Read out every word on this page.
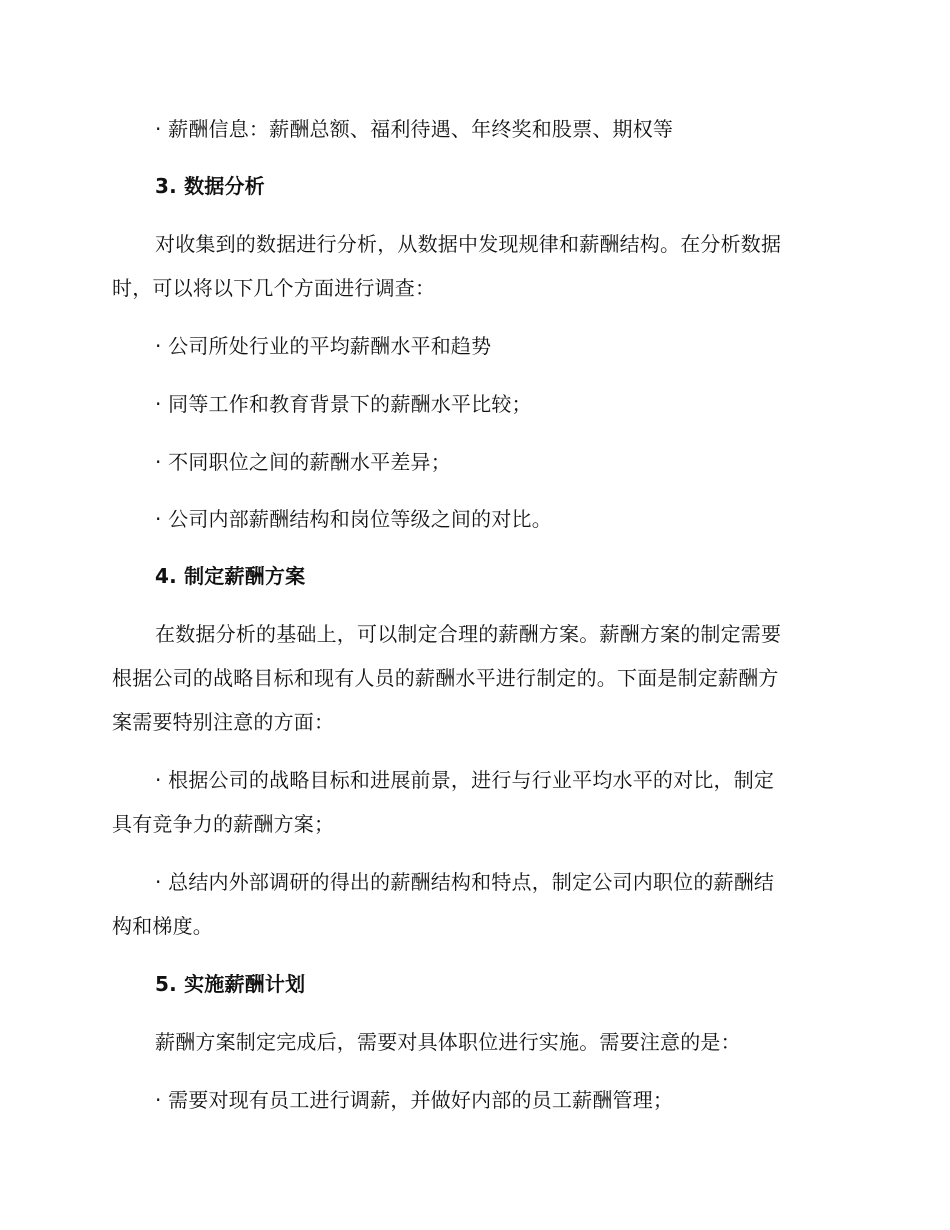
· 薪酬信息：薪酬总额、福利待遇、年终奖和股票、期权等
3. 数据分析
对收集到的数据进行分析，从数据中发现规律和薪酬结构。在分析数据
时，可以将以下几个方面进行调查：
· 公司所处行业的平均薪酬水平和趋势
· 同等工作和教育背景下的薪酬水平比较；
· 不同职位之间的薪酬水平差异；
· 公司内部薪酬结构和岗位等级之间的对比。
4. 制定薪酬方案
在数据分析的基础上，可以制定合理的薪酬方案。薪酬方案的制定需要
根据公司的战略目标和现有人员的薪酬水平进行制定的。下面是制定薪酬方
案需要特别注意的方面：
· 根据公司的战略目标和进展前景，进行与行业平均水平的对比，制定
具有竞争力的薪酬方案；
· 总结内外部调研的得出的薪酬结构和特点，制定公司内职位的薪酬结
构和梯度。
5. 实施薪酬计划
薪酬方案制定完成后，需要对具体职位进行实施。需要注意的是：
· 需要对现有员工进行调薪，并做好内部的员工薪酬管理；
